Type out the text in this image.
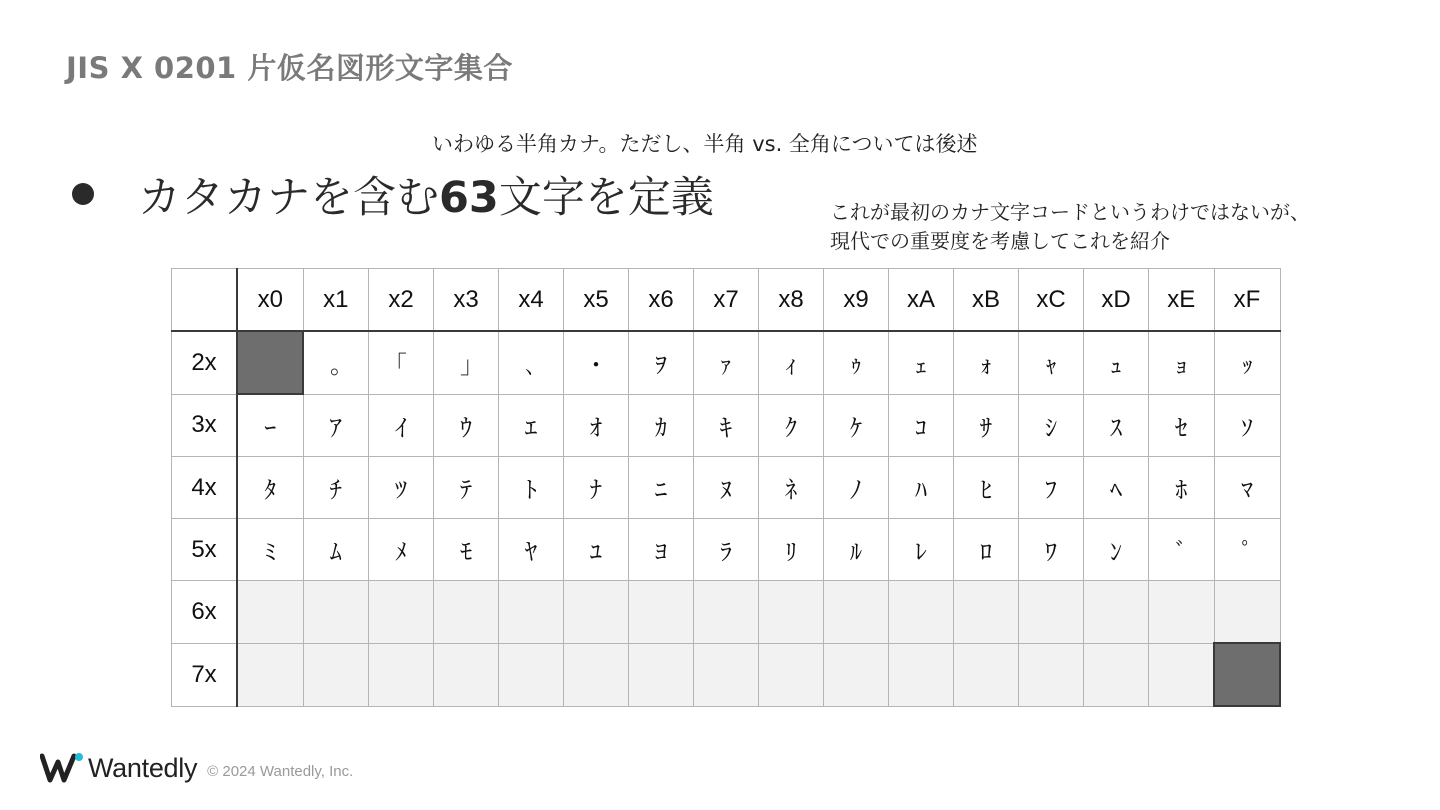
JIS X 0201 片仮名図形文字集合
いわゆる半角カナ。ただし、半角 vs. 全角については後述
カタカナを含む63文字を定義	これが最初のカナ文字コードというわけではないが、
現代での重要度を考慮してこれを紹介
	x0	x1	x2	x3	x4	x5	x6	x7	x8	x9	xA	xB	xC	xD	xE	xF
2x		｡	｢	｣	､	･	ｦ	ｧ	ｨ	ｩ	ｪ	ｫ	ｬ	ｭ	ｮ	ｯ
3x	ｰ	ｱ	ｲ	ｳ	ｴ	ｵ	ｶ	ｷ	ｸ	ｹ	ｺ	ｻ	ｼ	ｽ	ｾ	ｿ
4x	ﾀ	ﾁ	ﾂ	ﾃ	ﾄ	ﾅ	ﾆ	ﾇ	ﾈ	ﾉ	ﾊ	ﾋ	ﾌ	ﾍ	ﾎ	ﾏ
5x	ﾐ	ﾑ	ﾒ	ﾓ	ﾔ	ﾕ	ﾖ	ﾗ	ﾘ	ﾙ	ﾚ	ﾛ	ﾜ	ﾝ	ﾞ	ﾟ
6x																
7x																
Wantedly © 2024 Wantedly, Inc.
